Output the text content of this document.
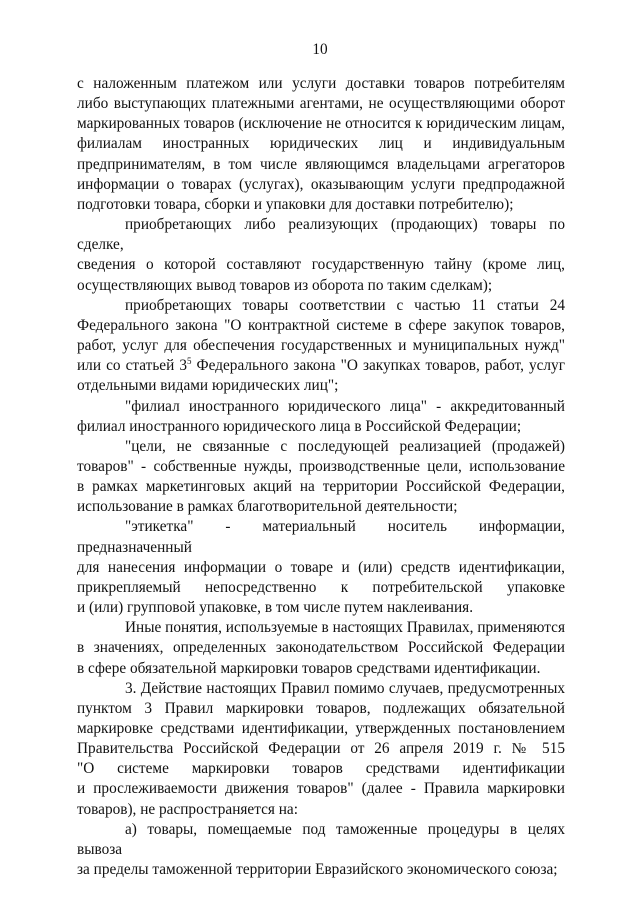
10
с наложенным платежом или услуги доставки товаров потребителям
либо выступающих платежными агентами, не осуществляющими оборот
маркированных товаров (исключение не относится к юридическим лицам,
филиалам иностранных юридических лиц и индивидуальным
предпринимателям, в том числе являющимся владельцами агрегаторов
информации о товарах (услугах), оказывающим услуги предпродажной
подготовки товара, сборки и упаковки для доставки потребителю);
приобретающих либо реализующих (продающих) товары по сделке,
сведения о которой составляют государственную тайну (кроме лиц,
осуществляющих вывод товаров из оборота по таким сделкам);
приобретающих товары соответствии с частью 11 статьи 24
Федерального закона "О контрактной системе в сфере закупок товаров,
работ, услуг для обеспечения государственных и муниципальных нужд"
или со статьей $3^5$ Федерального закона "О закупках товаров, работ, услуг
отдельными видами юридических лиц";
"филиал иностранного юридического лица" - аккредитованный
филиал иностранного юридического лица в Российской Федерации;
"цели, не связанные с последующей реализацией (продажей)
товаров" - собственные нужды, производственные цели, использование
в рамках маркетинговых акций на территории Российской Федерации,
использование в рамках благотворительной деятельности;
"этикетка" - материальный носитель информации, предназначенный
для нанесения информации о товаре и (или) средств идентификации,
прикрепляемый непосредственно к потребительской упаковке
и (или) групповой упаковке, в том числе путем наклеивания.
Иные понятия, используемые в настоящих Правилах, применяются
в значениях, определенных законодательством Российской Федерации
в сфере обязательной маркировки товаров средствами идентификации.
3. Действие настоящих Правил помимо случаев, предусмотренных
пунктом 3 Правил маркировки товаров, подлежащих обязательной
маркировке средствами идентификации, утвержденных постановлением
Правительства Российской Федерации от 26 апреля 2019 г. № 515
"О системе маркировки товаров средствами идентификации
и прослеживаемости движения товаров" (далее - Правила маркировки
товаров), не распространяется на:
а) товары, помещаемые под таможенные процедуры в целях вывоза
за пределы таможенной территории Евразийского экономического союза;
